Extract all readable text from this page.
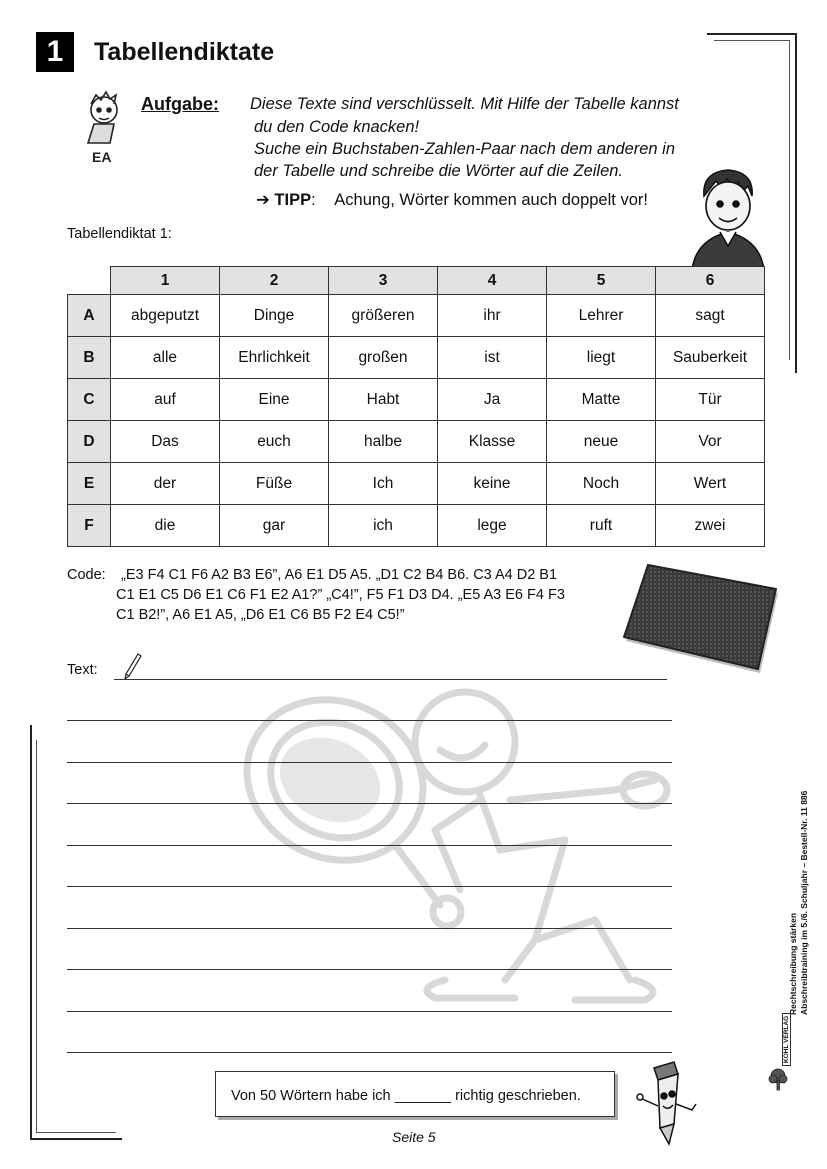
1	Tabellendiktate
EA
Aufgabe: Diese Texte sind verschlüsselt. Mit Hilfe der Tabelle kannst
du den Code knacken!
Suche ein Buchstaben-Zahlen-Paar nach dem anderen in
der Tabelle und schreibe die Wörter auf die Zeilen.
➔ TIPP: Achung, Wörter kommen auch doppelt vor!
Tabellendiktat 1:
	1	2	3	4	5	6
A	abgeputzt	Dinge	größeren	ihr	Lehrer	sagt
B	alle	Ehrlichkeit	großen	ist	liegt	Sauberkeit
C	auf	Eine	Habt	Ja	Matte	Tür
D	Das	euch	halbe	Klasse	neue	Vor
E	der	Füße	Ich	keine	Noch	Wert
F	die	gar	ich	lege	ruft	zwei
Code: „E3 F4 C1 F6 A2 B3 E6”, A6 E1 D5 A5. „D1 C2 B4 B6. C3 A4 D2 B1
C1 E1 C5 D6 E1 C6 F1 E2 A1?” „C4!”, F5 F1 D3 D4. „E5 A3 E6 F4 F3
C1 B2!”, A6 E1 A5, „D6 E1 C6 B5 F2 E4 C5!”
Text:
Von 50 Wörtern habe ich _______ richtig geschrieben.
Seite 5
Rechtschreibung stärken Abschreibtraining im 5./6. Schuljahr – Bestell-Nr. 11 886
KOHL VERLAG
